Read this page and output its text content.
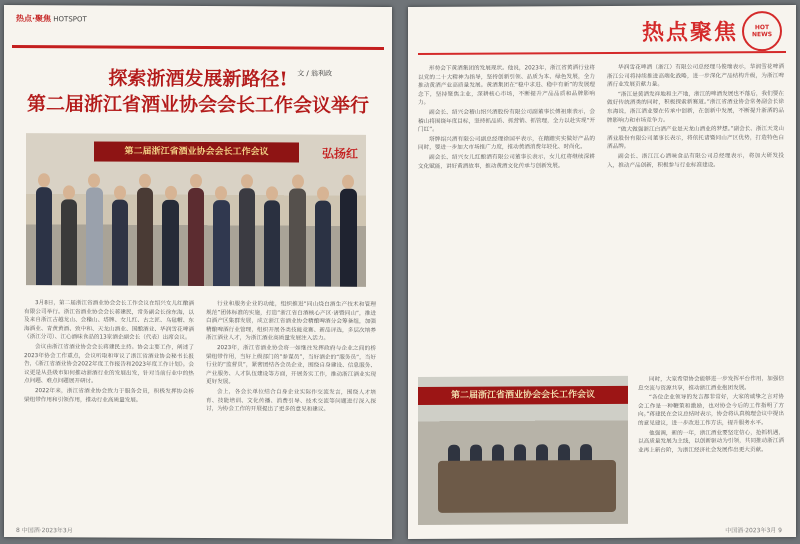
热点·聚焦 HOTSPOT
探索浙酒发展新路径!	文 / 翁利政
第二届浙江省酒业协会会长工作会议举行
第二届浙江省酒业协会会长工作会议	弘扬红

3月8日，第二届浙江省酒业协会会长工作会议在绍兴女儿红酿酒有限公司举行。浙江省酒业协会会长蒋建民，常务副会长徐东海，以及来自浙江古越龙山、会稽山、塔牌、女儿红、古之匠、乌毡帽、东海酒业、青黄黄酒、致中和、天龙山酒业、国酿酒业、华润雪花啤酒（浙江分司）、江心酒味食品的13家酒企副会长（代表）出席会议。

会议由浙江省酒业协会会长蒋建民主持。协会主要工作，阐述了2023年协会工作重点，会议听取和审议了浙江省酒业协会秘书长报告，《浙江省酒业协会2022年度工作报告和2023年度工作计划》。会议更是从县级市如何推动浙酒行业的发展出发，针对当前行业中的热点问题、难点问题展开研讨。

2022年来，浙江省酒业协会致力于服务会员，积极发挥协会桥梁纽带作用和引领作用，推动行业高质量发展。

行业和服务企业的功能，组织推进“同山烧白酒生产技术和管理规范”团体标准的实施，打造“浙江省白酒核心产区·诸暨同山”，推进白酒产区集群发展，成立浙江省酒业协会精酿啤酒分会筹备组，加强精酿啤酒行业管理，组织开展各类技能竞赛、新品评选，多层次培养浙江酒业人才，为浙江酒业高质量发展注入活力。

2023年，浙江省酒业协会将一如继往发挥政府与企业之间的桥梁纽带作用，当好上级部门的“参谋员”，当好酒企的“服务员”，当好行业的“监督员”，紧密团结各会员企业，围绕自身建设、信息服务、产业服务、人才队伍建设等方面，开展务实工作，推动浙江酒业实现更好发展。

会上，各会长单位结合自身企业实际作交流发言，围绕人才培育、技能培训、文化传播、消费引导、技术交流等问题进行深入探讨，为协会工作的开展提出了更多的意见和建议。

8 中国酒·2023年3月
热点聚焦	HOT
NEWS

形势会下黄酒集团的发展现状。他说，2023年，浙江省黄酒行业将以党的二十大精神为指导，坚持创新引领、品质为本、绿色发展，全力推动黄酒产业高质量发展。黄酒集团在“稳中求进、稳中有新”的发展理念下，坚持聚焦主业，深耕核心市场，不断提升产品品质和品牌影响力。

副会长、绍兴会稽山绍兴酒股份有限公司副董事长傅祖康表示，会稽山将围绕年度目标，坚持抓品质、抓营销、抓管理，全力以赴实现“开门红”。

塔牌绍兴酒有限公司副总经理徐国平表示，在踏踏实实做好产品的同时，要进一步加大市场推广力度，推动黄酒消费年轻化、时尚化。

副会长、绍兴女儿红酿酒有限公司董事长表示，女儿红将继续深耕文化赋能，讲好黄酒故事，推动黄酒文化传承与创新发展。

华润雪花啤酒（浙江）有限公司总经理马俊瑞表示，华润雪花啤酒浙江公司将持续推进高端化战略，进一步深化产品结构升级，为浙江啤酒行业发展贡献力量。

“浙江是黄酒发祥地和主产地，浙江的啤酒发展也不落后，我们要在做好传统酒类的同时，积极探索新赛道。”浙江省酒业协会常务副会长徐东海说，浙江酒业要在传承中创新，在创新中发展，不断提升浙酒的品牌影响力和市场竞争力。

“做大做强浙江白酒产业是天龙山酒业的梦想。”副会长、浙江天龙山酒业股份有限公司董事长表示，将依托诸暨同山产区优势，打造特色白酒品牌。

副会长、浙江江心酒味食品有限公司总经理表示，将加大研发投入，推动产品创新，积极参与行业标准建设。

第二届浙江省酒业协会会长工作会议

同时，大家希望协会能够进一步发挥平台作用，加强信息交流与资源共享，推动浙江酒业抱团发展。

“各位企业领导的发言都非常好，大家的诚挚之言对协会工作是一种鞭策和激励，也对协会今后的工作指明了方向。”蒋建民在会议总结时表示，协会将认真梳理会议中提出的意见建议，进一步改进工作方法，提升服务水平。

他强调，新的一年，浙江酒业要坚定信心，抢抓机遇，以高质量发展为主线，以创新驱动为引领，共同推动浙江酒业再上新台阶，为浙江经济社会发展作出更大贡献。

中国酒·2023年3月 9
